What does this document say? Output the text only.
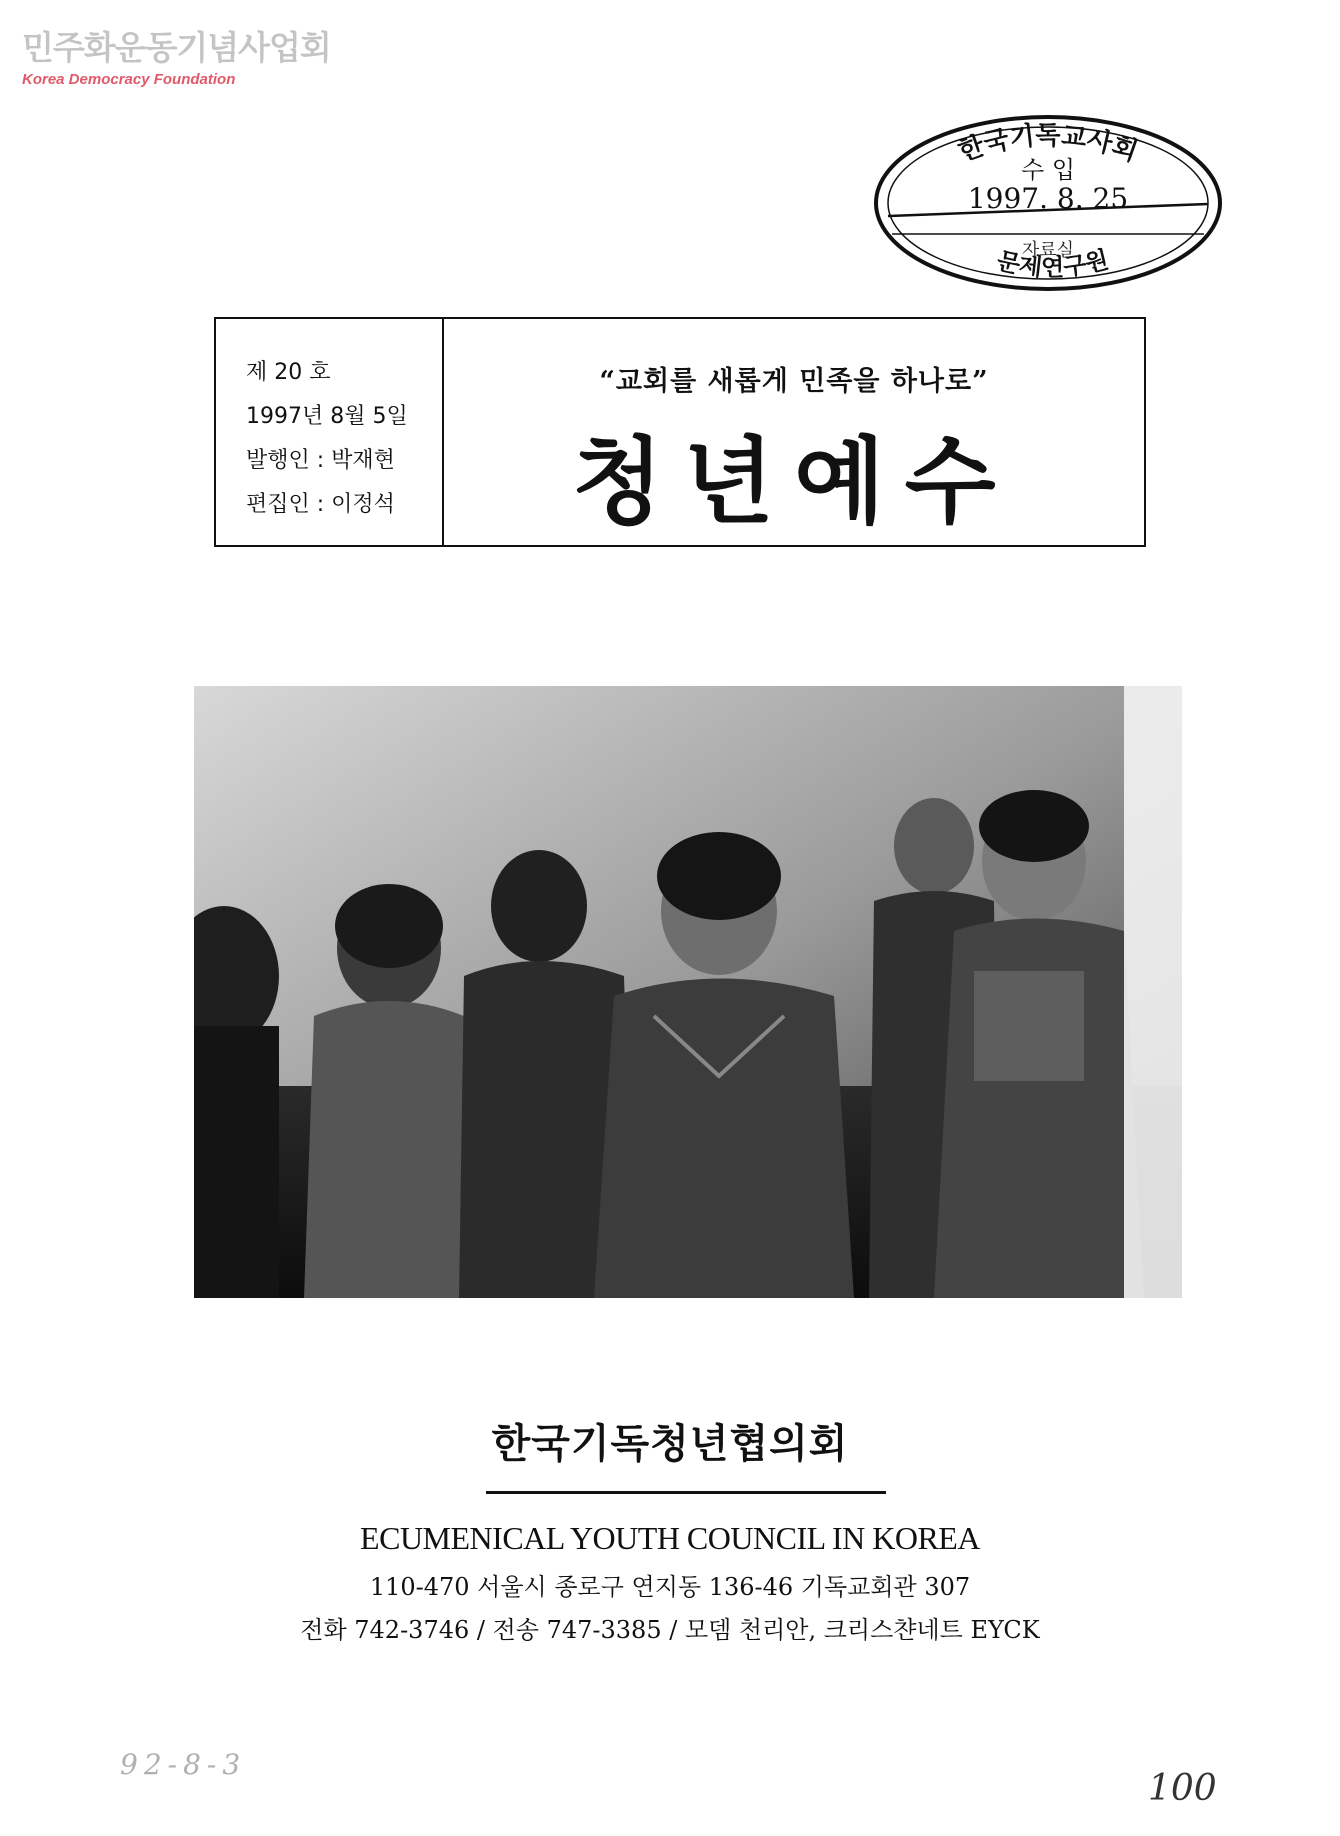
민주화운동기념사업회
Korea Democracy Foundation
한국기독교사회
수 입
1997. 8. 25
자료실
문제연구원
제 20 호
1997년 8월 5일
발행인 : 박재현
편집인 : 이정석
“교회를 새롭게 민족을 하나로”
청년예수
한국기독청년협의회
ECUMENICAL YOUTH COUNCIL IN KOREA
110-470 서울시 종로구 연지동 136-46 기독교회관 307
전화 742-3746 / 전송 747-3385 / 모뎀 천리안, 크리스챤네트 EYCK
92-8-3
100
